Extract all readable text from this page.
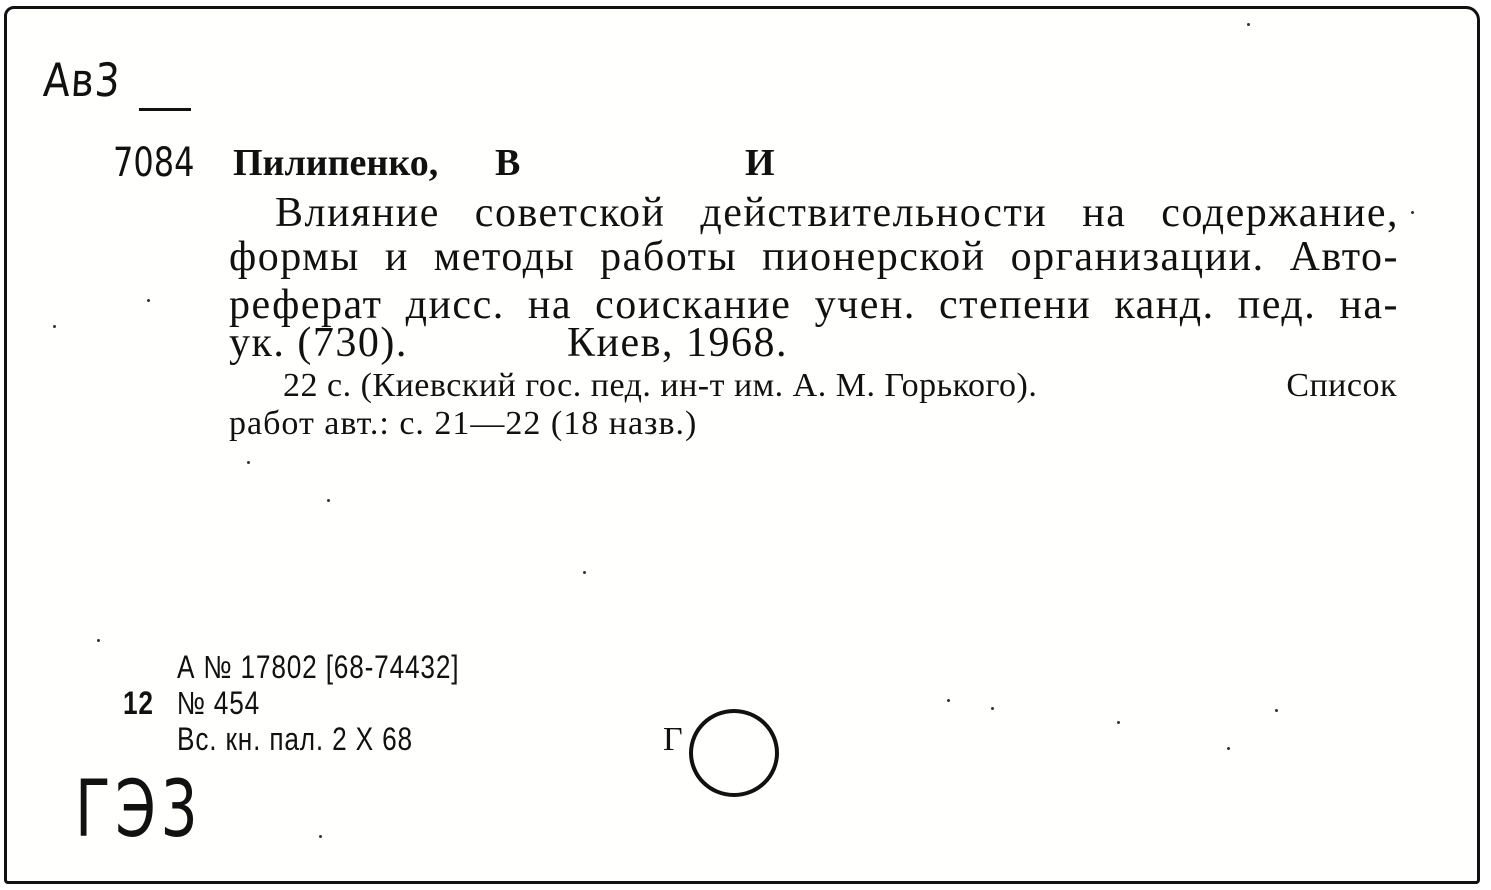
Ав3
7084 Пилипенко, В	И
Влияние советской действительности на содержание,
формы и методы работы пионерской организации. Авто-
реферат дисс. на соискание учен. степени канд. пед. на-
ук. (730).	Киев, 1968.
22 с. (Киевский гос. пед. ин-т им. А. М. Горького).	Список
работ авт.: с. 21—22 (18 назв.)
А № 17802 [68-74432]
12 № 454
Вс. кн. пал. 2 X 68	Г
ГЭ3
